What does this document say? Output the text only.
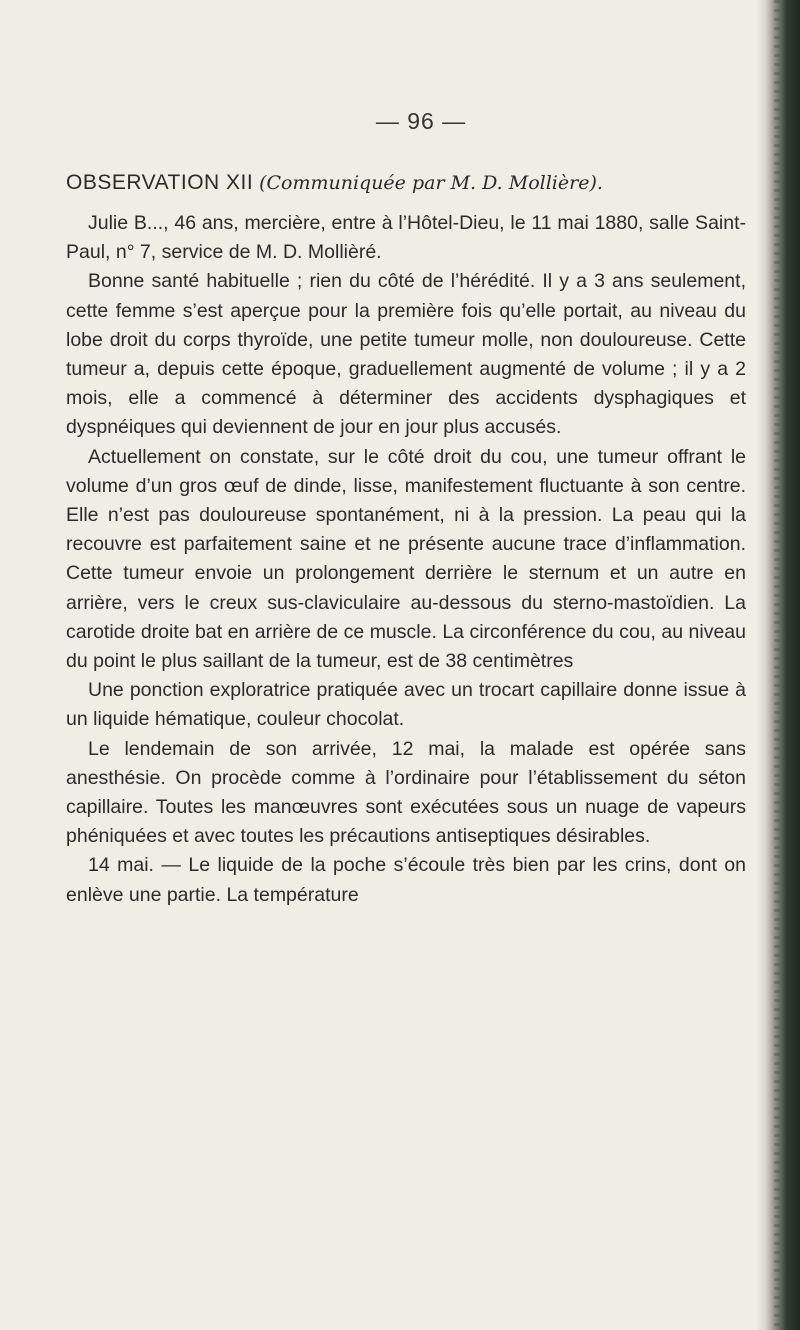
— 96 —
OBSERVATION XII (Communiquée par M. D. Mollière).

Julie B..., 46 ans, mercière, entre à l’Hôtel-Dieu, le 11 mai 1880, salle Saint-Paul, n° 7, service de M. D. Mollièré.

Bonne santé habituelle ; rien du côté de l’hérédité. Il y a 3 ans seulement, cette femme s’est aperçue pour la première fois qu’elle portait, au niveau du lobe droit du corps thyroïde, une petite tumeur molle, non douloureuse. Cette tumeur a, depuis cette époque, graduellement augmenté de volume ; il y a 2 mois, elle a commencé à déterminer des accidents dysphagiques et dyspnéiques qui deviennent de jour en jour plus accusés.

Actuellement on constate, sur le côté droit du cou, une tumeur offrant le volume d’un gros œuf de dinde, lisse, manifestement fluctuante à son centre. Elle n’est pas douloureuse spontanément, ni à la pression. La peau qui la recouvre est parfaitement saine et ne présente aucune trace d’inflammation. Cette tumeur envoie un prolongement derrière le sternum et un autre en arrière, vers le creux sus-claviculaire au-dessous du sterno-mastoïdien. La carotide droite bat en arrière de ce muscle. La circonférence du cou, au niveau du point le plus saillant de la tumeur, est de 38 centimètres

Une ponction exploratrice pratiquée avec un trocart capillaire donne issue à un liquide hématique, couleur chocolat.

Le lendemain de son arrivée, 12 mai, la malade est opérée sans anesthésie. On procède comme à l’ordinaire pour l’établissement du séton capillaire. Toutes les manœuvres sont exécutées sous un nuage de vapeurs phéniquées et avec toutes les précautions antiseptiques désirables.

14 mai. — Le liquide de la poche s’écoule très bien par les crins, dont on enlève une partie. La température
